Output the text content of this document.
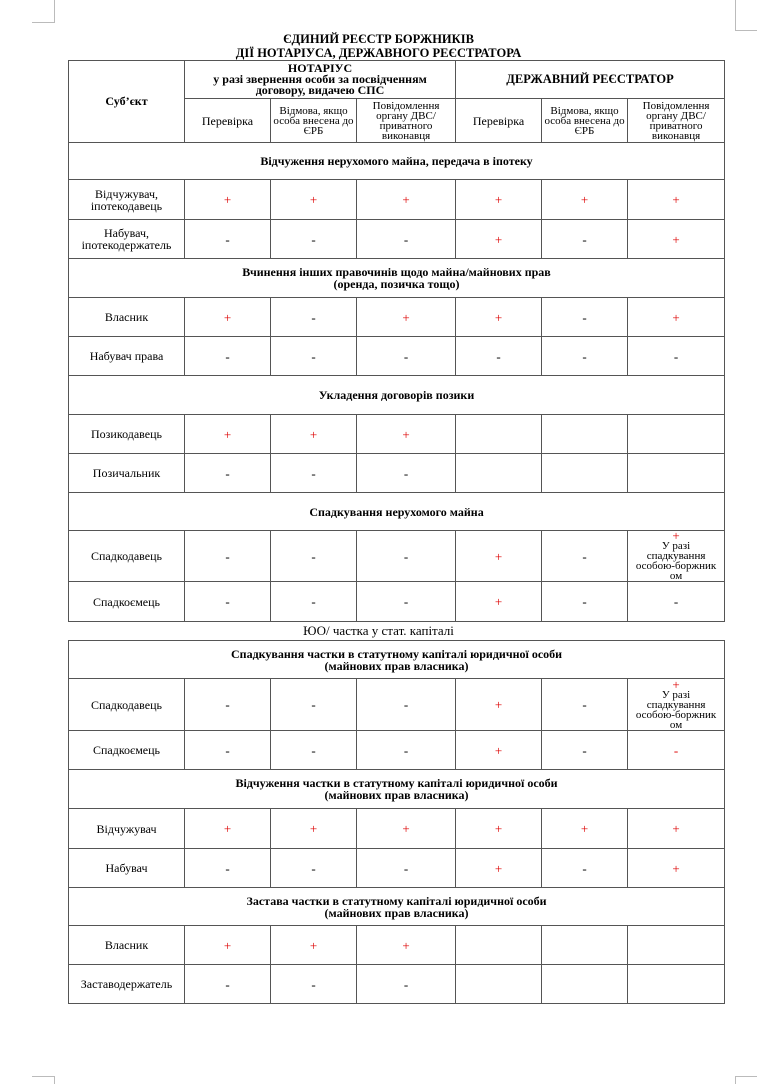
ЄДИНИЙ РЕЄСТР БОРЖНИКІВ
ДІЇ НОТАРІУСА, ДЕРЖАВНОГО РЕЄСТРАТОРА
Суб’єкт	НОТАРІУС
у разі звернення особи за посвідченням
договору, видачею СПС			ДЕРЖАВНИЙ РЕЄСТРАТОР		
	Перевірка	Відмова, якщо особа внесена до ЄРБ	Повідомлення органу ДВС/ приватного виконавця	Перевірка	Відмова, якщо особа внесена до ЄРБ	Повідомлення органу ДВС/ приватного виконавця
Відчуження нерухомого майна, передача в іпотеку						
Відчужувач, іпотекодавець	+	+	+	+	+	+
Набувач, іпотекодержатель	-	-	-	+	-	+

Вчинення інших правочинів щодо майна/майнових прав
(оренда, позичка тощо)						

Власник	+	-	+	+	-	+
Набувач права	-	-	-	-	-	-
Укладення договорів позики						
Позикодавець	+	+	+			
Позичальник	-	-	-			
Спадкування нерухомого майна						
Спадкодавець	-	-	-	+	-	+
У разі
спадкування
особою-боржник
ом

Спадкоємець	-	-	-	+	-	-
ЮО/ частка у стат. капіталі
Спадкування частки в статутному капіталі юридичної особи
(майнових прав власника)						

Спадкодавець	-	-	-	+	-	+
У разі
спадкування
особою-боржник
ом

Спадкоємець	-	-	-	+	-	-

Відчуження частки в статутному капіталі юридичної особи
(майнових прав власника)						

Відчужувач	+	+	+	+	+	+
Набувач	-	-	-	+	-	+

Застава частки в статутному капіталі юридичної особи
(майнових прав власника)						

Власник	+	+	+			
Заставодержатель	-	-	-			
